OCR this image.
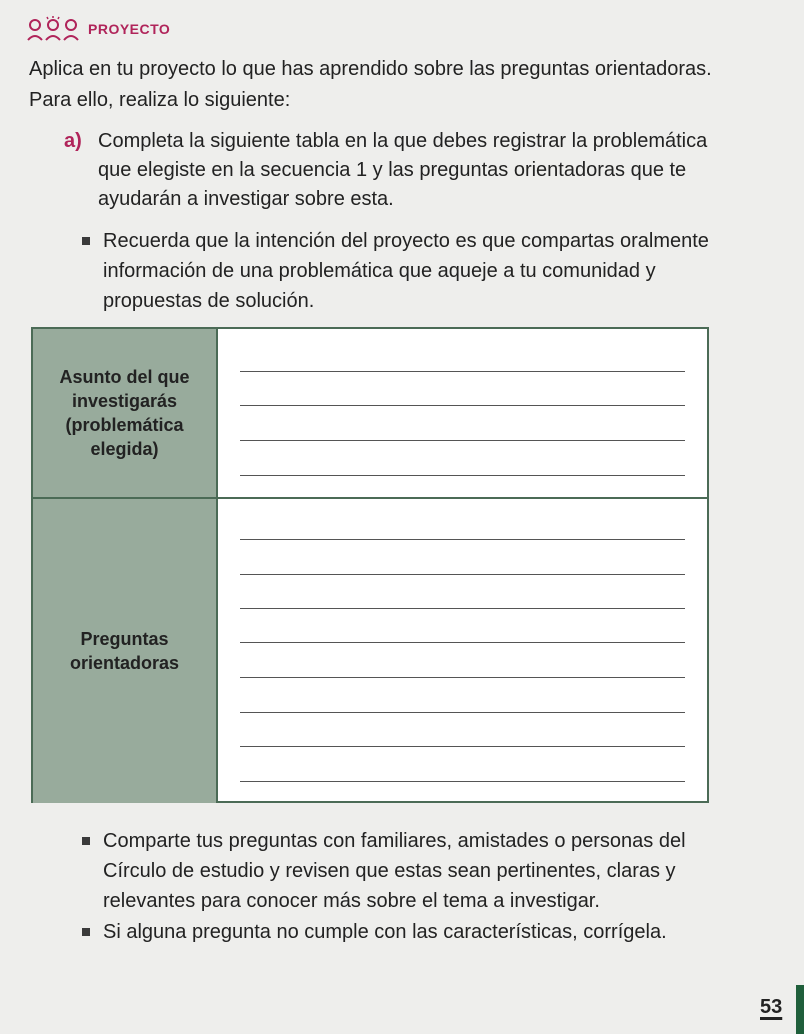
PROYECTO

Aplica en tu proyecto lo que has aprendido sobre las preguntas orientadoras. Para ello, realiza lo siguiente:

a) Completa la siguiente tabla en la que debes registrar la problemática que elegiste en la secuencia 1 y las preguntas orientadoras que te ayudarán a investigar sobre esta.
Recuerda que la intención del proyecto es que compartas oralmente información de una problemática que aqueje a tu comunidad y propuestas de solución.
Asunto del que investigarás (problemática elegida)
Preguntas orientadoras
Comparte tus preguntas con familiares, amistades o personas del Círculo de estudio y revisen que estas sean pertinentes, claras y relevantes para conocer más sobre el tema a investigar.
Si alguna pregunta no cumple con las características, corrígela.
53
